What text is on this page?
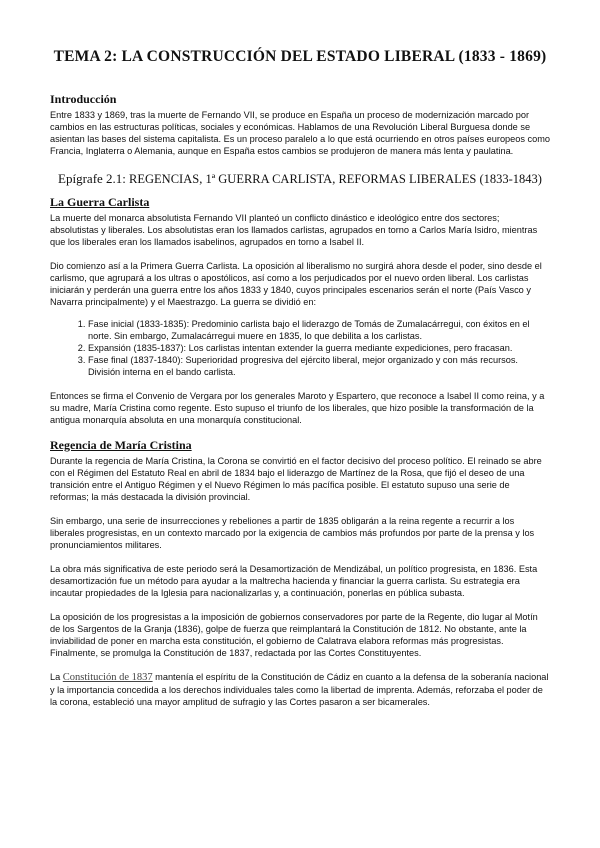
TEMA 2: LA CONSTRUCCIÓN DEL ESTADO LIBERAL (1833 - 1869)
Introducción

Entre 1833 y 1869, tras la muerte de Fernando VII, se produce en España un proceso de modernización marcado por cambios en las estructuras políticas, sociales y económicas. Hablamos de una Revolución Liberal Burguesa donde se asientan las bases del sistema capitalista. Es un proceso paralelo a lo que está ocurriendo en otros países europeos como Francia, Inglaterra o Alemania, aunque en España estos cambios se produjeron de manera más lenta y paulatina.

Epígrafe 2.1: REGENCIAS, 1ª GUERRA CARLISTA, REFORMAS LIBERALES (1833-1843)
La Guerra Carlista

La muerte del monarca absolutista Fernando VII planteó un conflicto dinástico e ideológico entre dos sectores; absolutistas y liberales. Los absolutistas eran los llamados carlistas, agrupados en torno a Carlos María Isidro, mientras que los liberales eran los llamados isabelinos, agrupados en torno a Isabel II.

Dio comienzo así a la Primera Guerra Carlista. La oposición al liberalismo no surgirá ahora desde el poder, sino desde el carlismo, que agrupará a los ultras o apostólicos, así como a los perjudicados por el nuevo orden liberal. Los carlistas iniciarán y perderán una guerra entre los años 1833 y 1840, cuyos principales escenarios serán el norte (País Vasco y Navarra principalmente) y el Maestrazgo. La guerra se dividió en:

1. Fase inicial (1833-1835): Predominio carlista bajo el liderazgo de Tomás de Zumalacárregui, con éxitos en el norte. Sin embargo, Zumalacárregui muere en 1835, lo que debilita a los carlistas.
2. Expansión (1835-1837): Los carlistas intentan extender la guerra mediante expediciones, pero fracasan.
3. Fase final (1837-1840): Superioridad progresiva del ejército liberal, mejor organizado y con más recursos. División interna en el bando carlista.

Entonces se firma el Convenio de Vergara por los generales Maroto y Espartero, que reconoce a Isabel II como reina, y a su madre, María Cristina como regente. Esto supuso el triunfo de los liberales, que hizo posible la transformación de la antigua monarquía absoluta en una monarquía constitucional.

Regencia de María Cristina

Durante la regencia de María Cristina, la Corona se convirtió en el factor decisivo del proceso político. El reinado se abre con el Régimen del Estatuto Real en abril de 1834 bajo el liderazgo de Martínez de la Rosa, que fijó el deseo de una transición entre el Antiguo Régimen y el Nuevo Régimen lo más pacífica posible. El estatuto supuso una serie de reformas; la más destacada la división provincial.

Sin embargo, una serie de insurrecciones y rebeliones a partir de 1835 obligarán a la reina regente a recurrir a los liberales progresistas, en un contexto marcado por la exigencia de cambios más profundos por parte de la prensa y los pronunciamientos militares.

La obra más significativa de este periodo será la Desamortización de Mendizábal, un político progresista, en 1836. Esta desamortización fue un método para ayudar a la maltrecha hacienda y financiar la guerra carlista. Su estrategia era incautar propiedades de la Iglesia para nacionalizarlas y, a continuación, ponerlas en pública subasta.

La oposición de los progresistas a la imposición de gobiernos conservadores por parte de la Regente, dio lugar al Motín de los Sargentos de la Granja (1836), golpe de fuerza que reimplantará la Constitución de 1812. No obstante, ante la inviabilidad de poner en marcha esta constitución, el gobierno de Calatrava elabora reformas más progresistas. Finalmente, se promulga la Constitución de 1837, redactada por las Cortes Constituyentes.

La Constitución de 1837 mantenía el espíritu de la Constitución de Cádiz en cuanto a la defensa de la soberanía nacional y la importancia concedida a los derechos individuales tales como la libertad de imprenta. Además, reforzaba el poder de la corona, estableció una mayor amplitud de sufragio y las Cortes pasaron a ser bicamerales.
